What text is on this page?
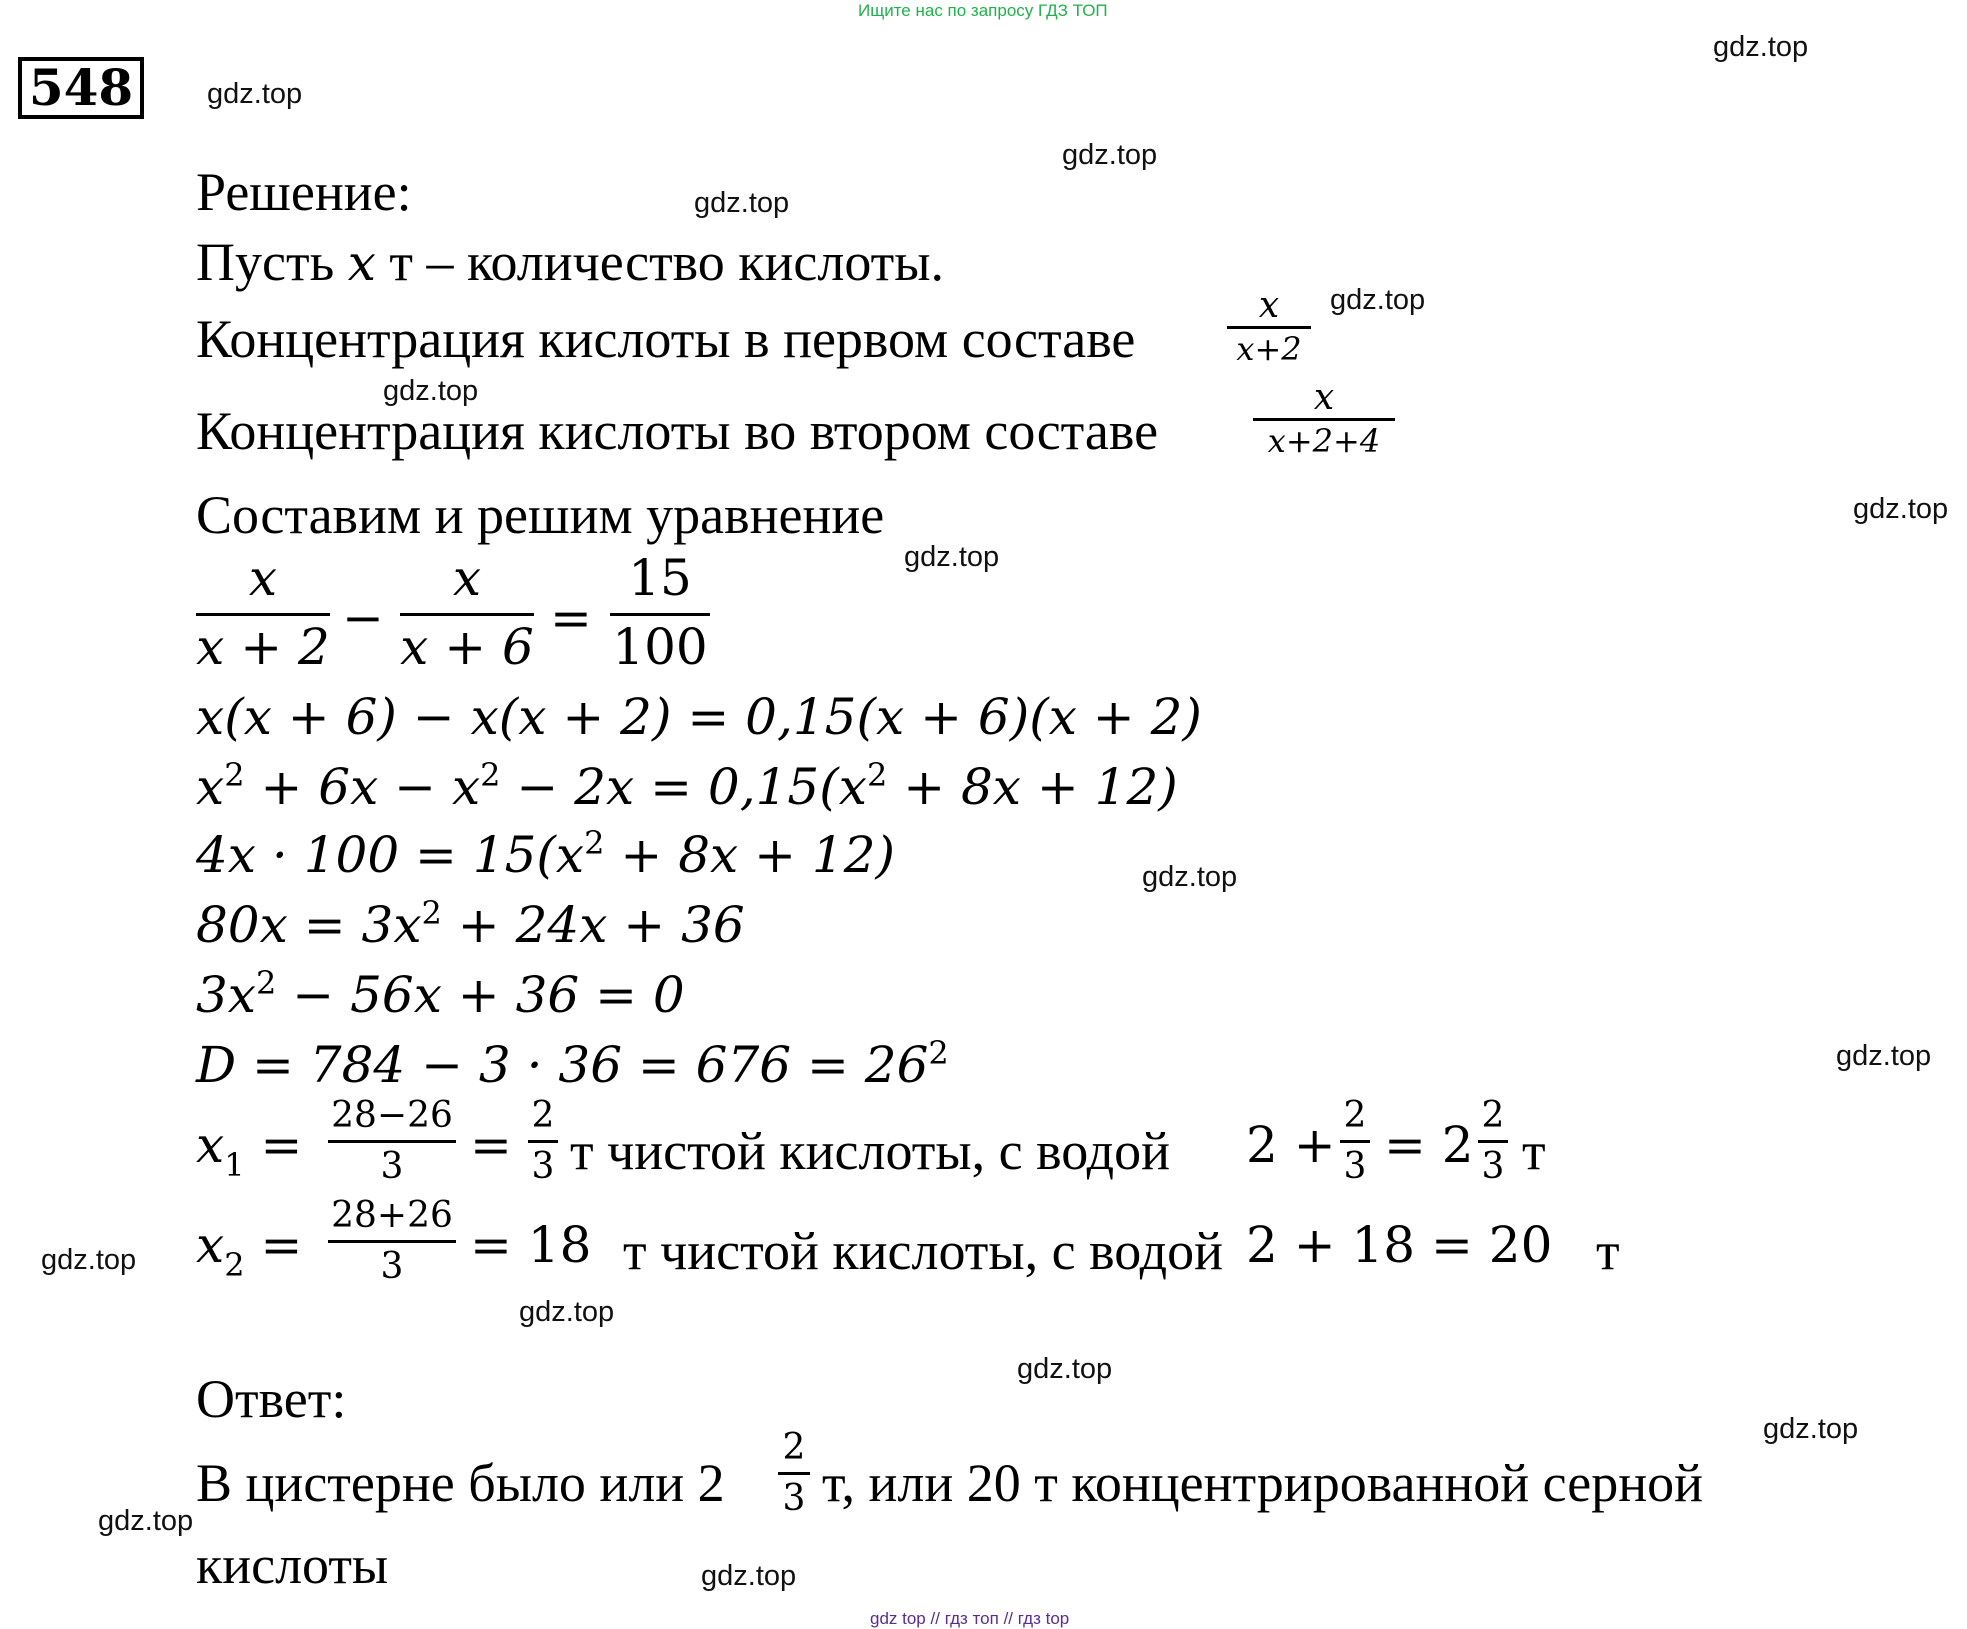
Ищите нас по запросу ГДЗ ТОП
548	gdz.top
gdz.top
gdz.top
gdz.top
gdz.top
gdz.top
gdz.top
gdz.top
gdz.top
gdz.top
gdz.top
gdz.top
gdz.top
gdz.top
gdz.top
gdz.top
Решение:
Пусть x т – количество кислоты.
Концентрация кислоты в первом составе
x
x+2
Концентрация кислоты во втором составе
x
x+2+4
Составим и решим уравнение
x
x + 2 −
x
x + 6 =
15
100
x(x + 6) − x(x + 2) = 0,15(x + 6)(x + 2)
$x^2 + 6x - x^2 - 2x = 0,15(x^2 + 8x + 12)$
$4x \cdot 100 = 15(x^2 + 8x + 12)$
$80x = 3x^2 + 24x + 36$
$3x^2 - 56x + 36 = 0$
$D = 784 - 3 \cdot 36 = 676 = 26^2$
$x_1$ =
28−26
3	=
2
3 т чистой кислоты, с водой 2 +
2
3 = 2
2
3 т
$x_2$ =
28+26
3	= 18 т чистой кислоты, с водой 2 + 18 = 20 т
Ответ:
В цистерне было или 2
2
3 т, или 20 т концентрированной серной
кислоты
gdz top // гдз топ // гдз top
